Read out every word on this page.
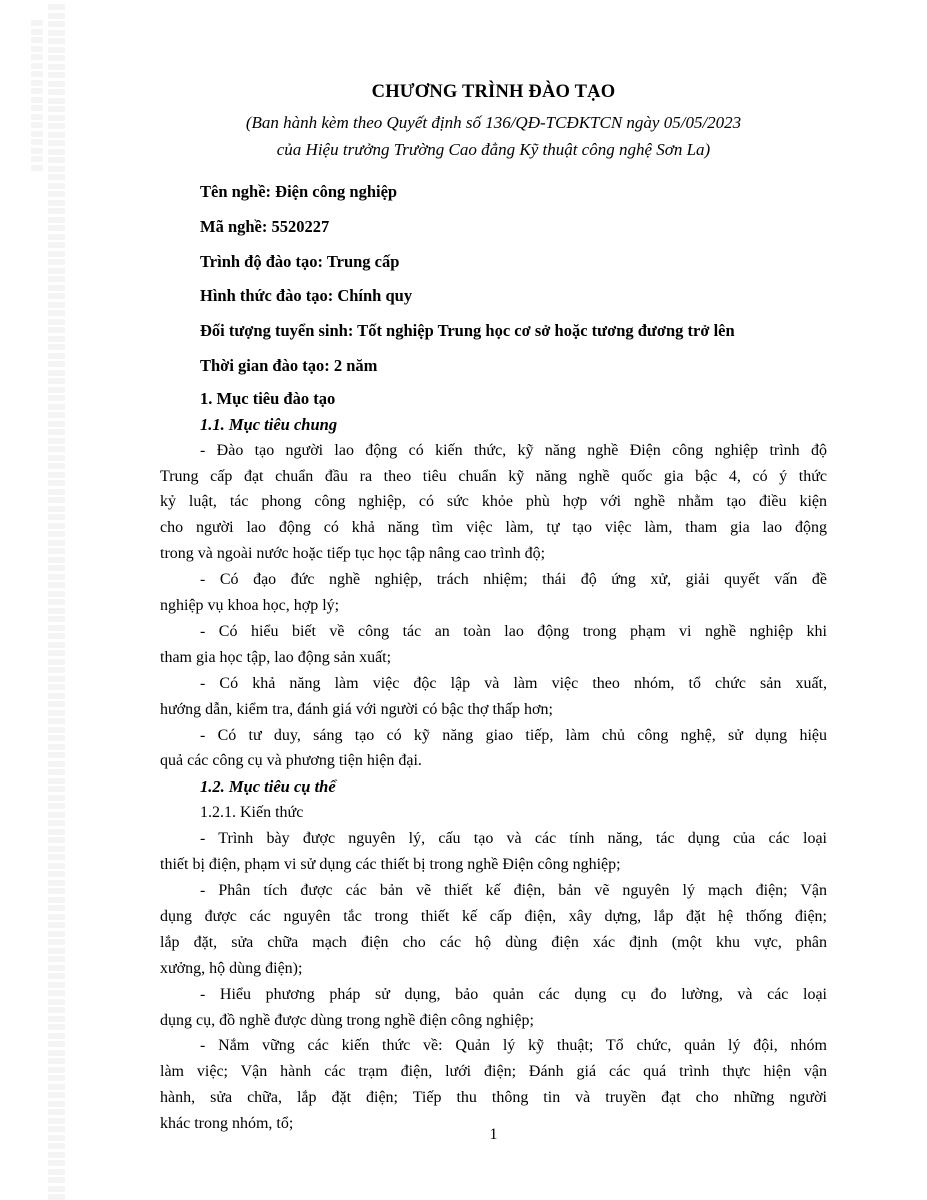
CHƯƠNG TRÌNH ĐÀO TẠO
(Ban hành kèm theo Quyết định số 136/QĐ-TCĐKTCN ngày 05/05/2023
của Hiệu trưởng Trường Cao đẳng Kỹ thuật công nghệ Sơn La)
Tên nghề: Điện công nghiệp
Mã nghề: 5520227
Trình độ đào tạo: Trung cấp
Hình thức đào tạo: Chính quy
Đối tượng tuyển sinh: Tốt nghiệp Trung học cơ sở hoặc tương đương trở lên
Thời gian đào tạo: 2 năm
1. Mục tiêu đào tạo
1.1. Mục tiêu chung
- Đào tạo người lao động có kiến thức, kỹ năng nghề Điện công nghiệp trình độ
Trung cấp đạt chuẩn đầu ra theo tiêu chuẩn kỹ năng nghề quốc gia bậc 4, có ý thức
kỷ luật, tác phong công nghiệp, có sức khỏe phù hợp với nghề nhằm tạo điều kiện
cho người lao động có khả năng tìm việc làm, tự tạo việc làm, tham gia lao động
trong và ngoài nước hoặc tiếp tục học tập nâng cao trình độ;
- Có đạo đức nghề nghiệp, trách nhiệm; thái độ ứng xử, giải quyết vấn đề
nghiệp vụ khoa học, hợp lý;
- Có hiểu biết về công tác an toàn lao động trong phạm vi nghề nghiệp khi
tham gia học tập, lao động sản xuất;
- Có khả năng làm việc độc lập và làm việc theo nhóm, tổ chức sản xuất,
hướng dẫn, kiểm tra, đánh giá với người có bậc thợ thấp hơn;
- Có tư duy, sáng tạo có kỹ năng giao tiếp, làm chủ công nghệ, sử dụng hiệu
quả các công cụ và phương tiện hiện đại.
1.2. Mục tiêu cụ thể
1.2.1. Kiến thức
- Trình bày được nguyên lý, cấu tạo và các tính năng, tác dụng của các loại
thiết bị điện, phạm vi sử dụng các thiết bị trong nghề Điện công nghiệp;
- Phân tích được các bản vẽ thiết kế điện, bản vẽ nguyên lý mạch điện; Vận
dụng được các nguyên tắc trong thiết kế cấp điện, xây dựng, lắp đặt hệ thống điện;
lắp đặt, sửa chữa mạch điện cho các hộ dùng điện xác định (một khu vực, phân
xưởng, hộ dùng điện);
- Hiểu phương pháp sử dụng, bảo quản các dụng cụ đo lường, và các loại
dụng cụ, đồ nghề được dùng trong nghề điện công nghiệp;
- Nắm vững các kiến thức về: Quản lý kỹ thuật; Tổ chức, quản lý đội, nhóm
làm việc; Vận hành các trạm điện, lưới điện; Đánh giá các quá trình thực hiện vận
hành, sửa chữa, lắp đặt điện; Tiếp thu thông tin và truyền đạt cho những người
khác trong nhóm, tổ;
1
